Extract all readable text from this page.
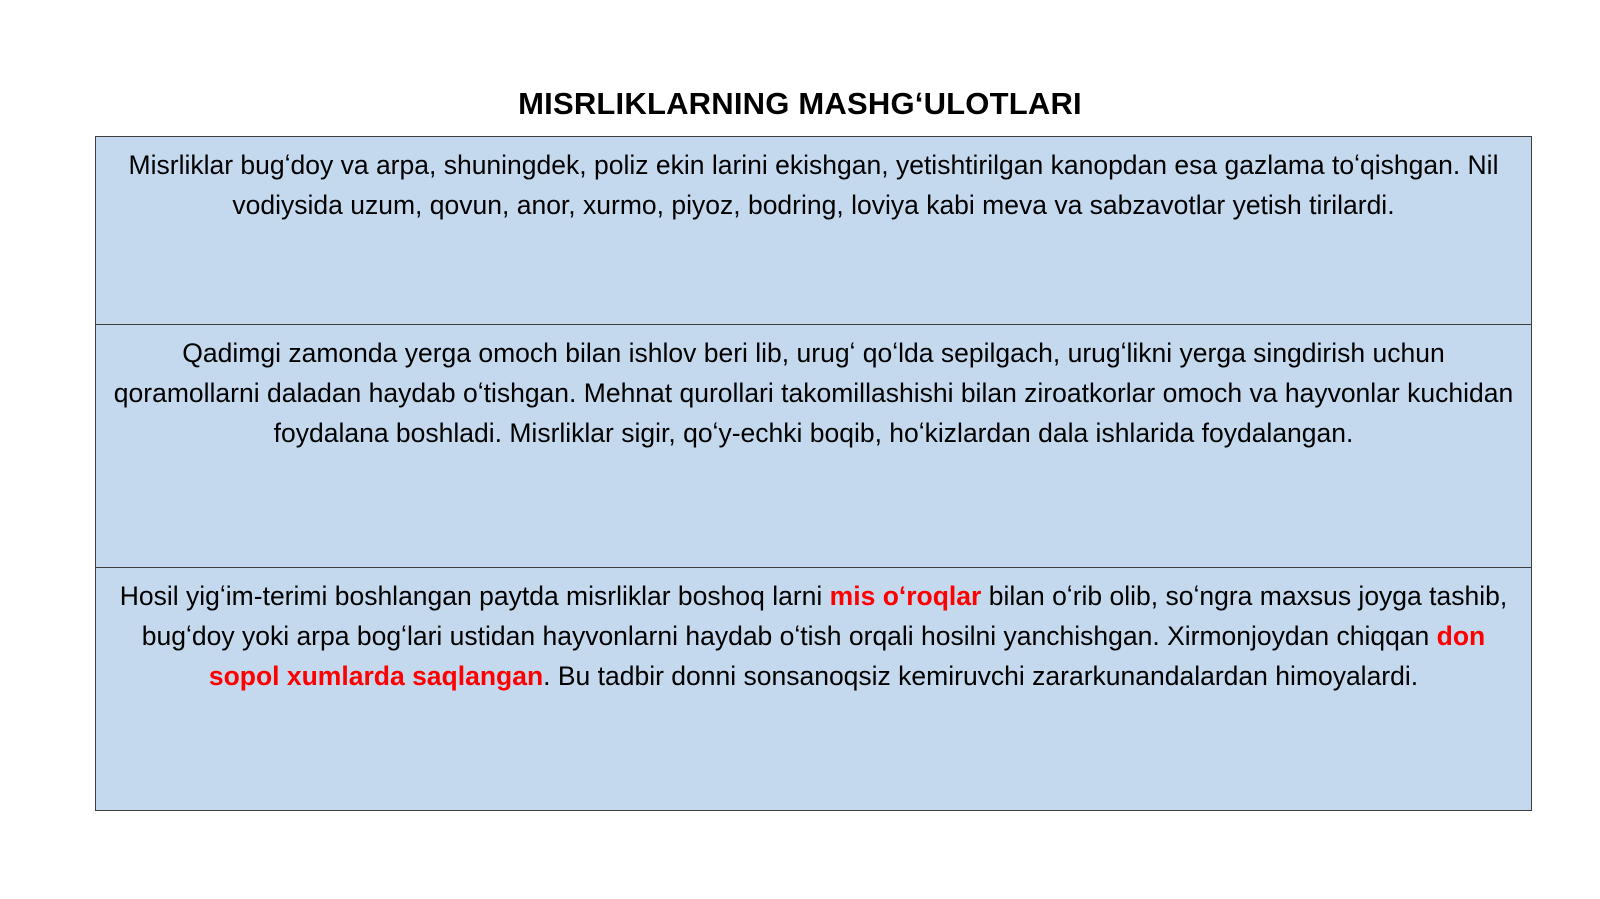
MISRLIKLARNING MASHGʻULOTLARI
Misrliklar bugʻdoy va arpa, shuningdek, poliz ekin larini ekishgan, yetishtirilgan kanopdan esa gazlama toʻqishgan. Nil vodiysida uzum, qovun, anor, xurmo, piyoz, bodring, loviya kabi meva va sabzavotlar yetish tirilardi.
Qadimgi zamonda yerga omoch bilan ishlov beri lib, urugʻ qoʻlda sepilgach, urugʻlikni yerga singdirish uchun qoramollarni daladan haydab oʻtishgan. Mehnat qurollari takomillashishi bilan ziroatkorlar omoch va hayvonlar kuchidan foydalana boshladi. Misrliklar sigir, qoʻy-echki boqib, hoʻkizlardan dala ishlarida foydalangan.
Hosil yigʻim-terimi boshlangan paytda misrliklar boshoq larni mis oʻroqlar bilan oʻrib olib, soʻngra maxsus joyga tashib, bugʻdoy yoki arpa bogʻlari ustidan hayvonlarni haydab oʻtish orqali hosilni yanchishgan. Xirmonjoydan chiqqan don sopol xumlarda saqlangan. Bu tadbir donni sonsanoqsiz kemiruvchi zararkunandalardan himoyalardi.
